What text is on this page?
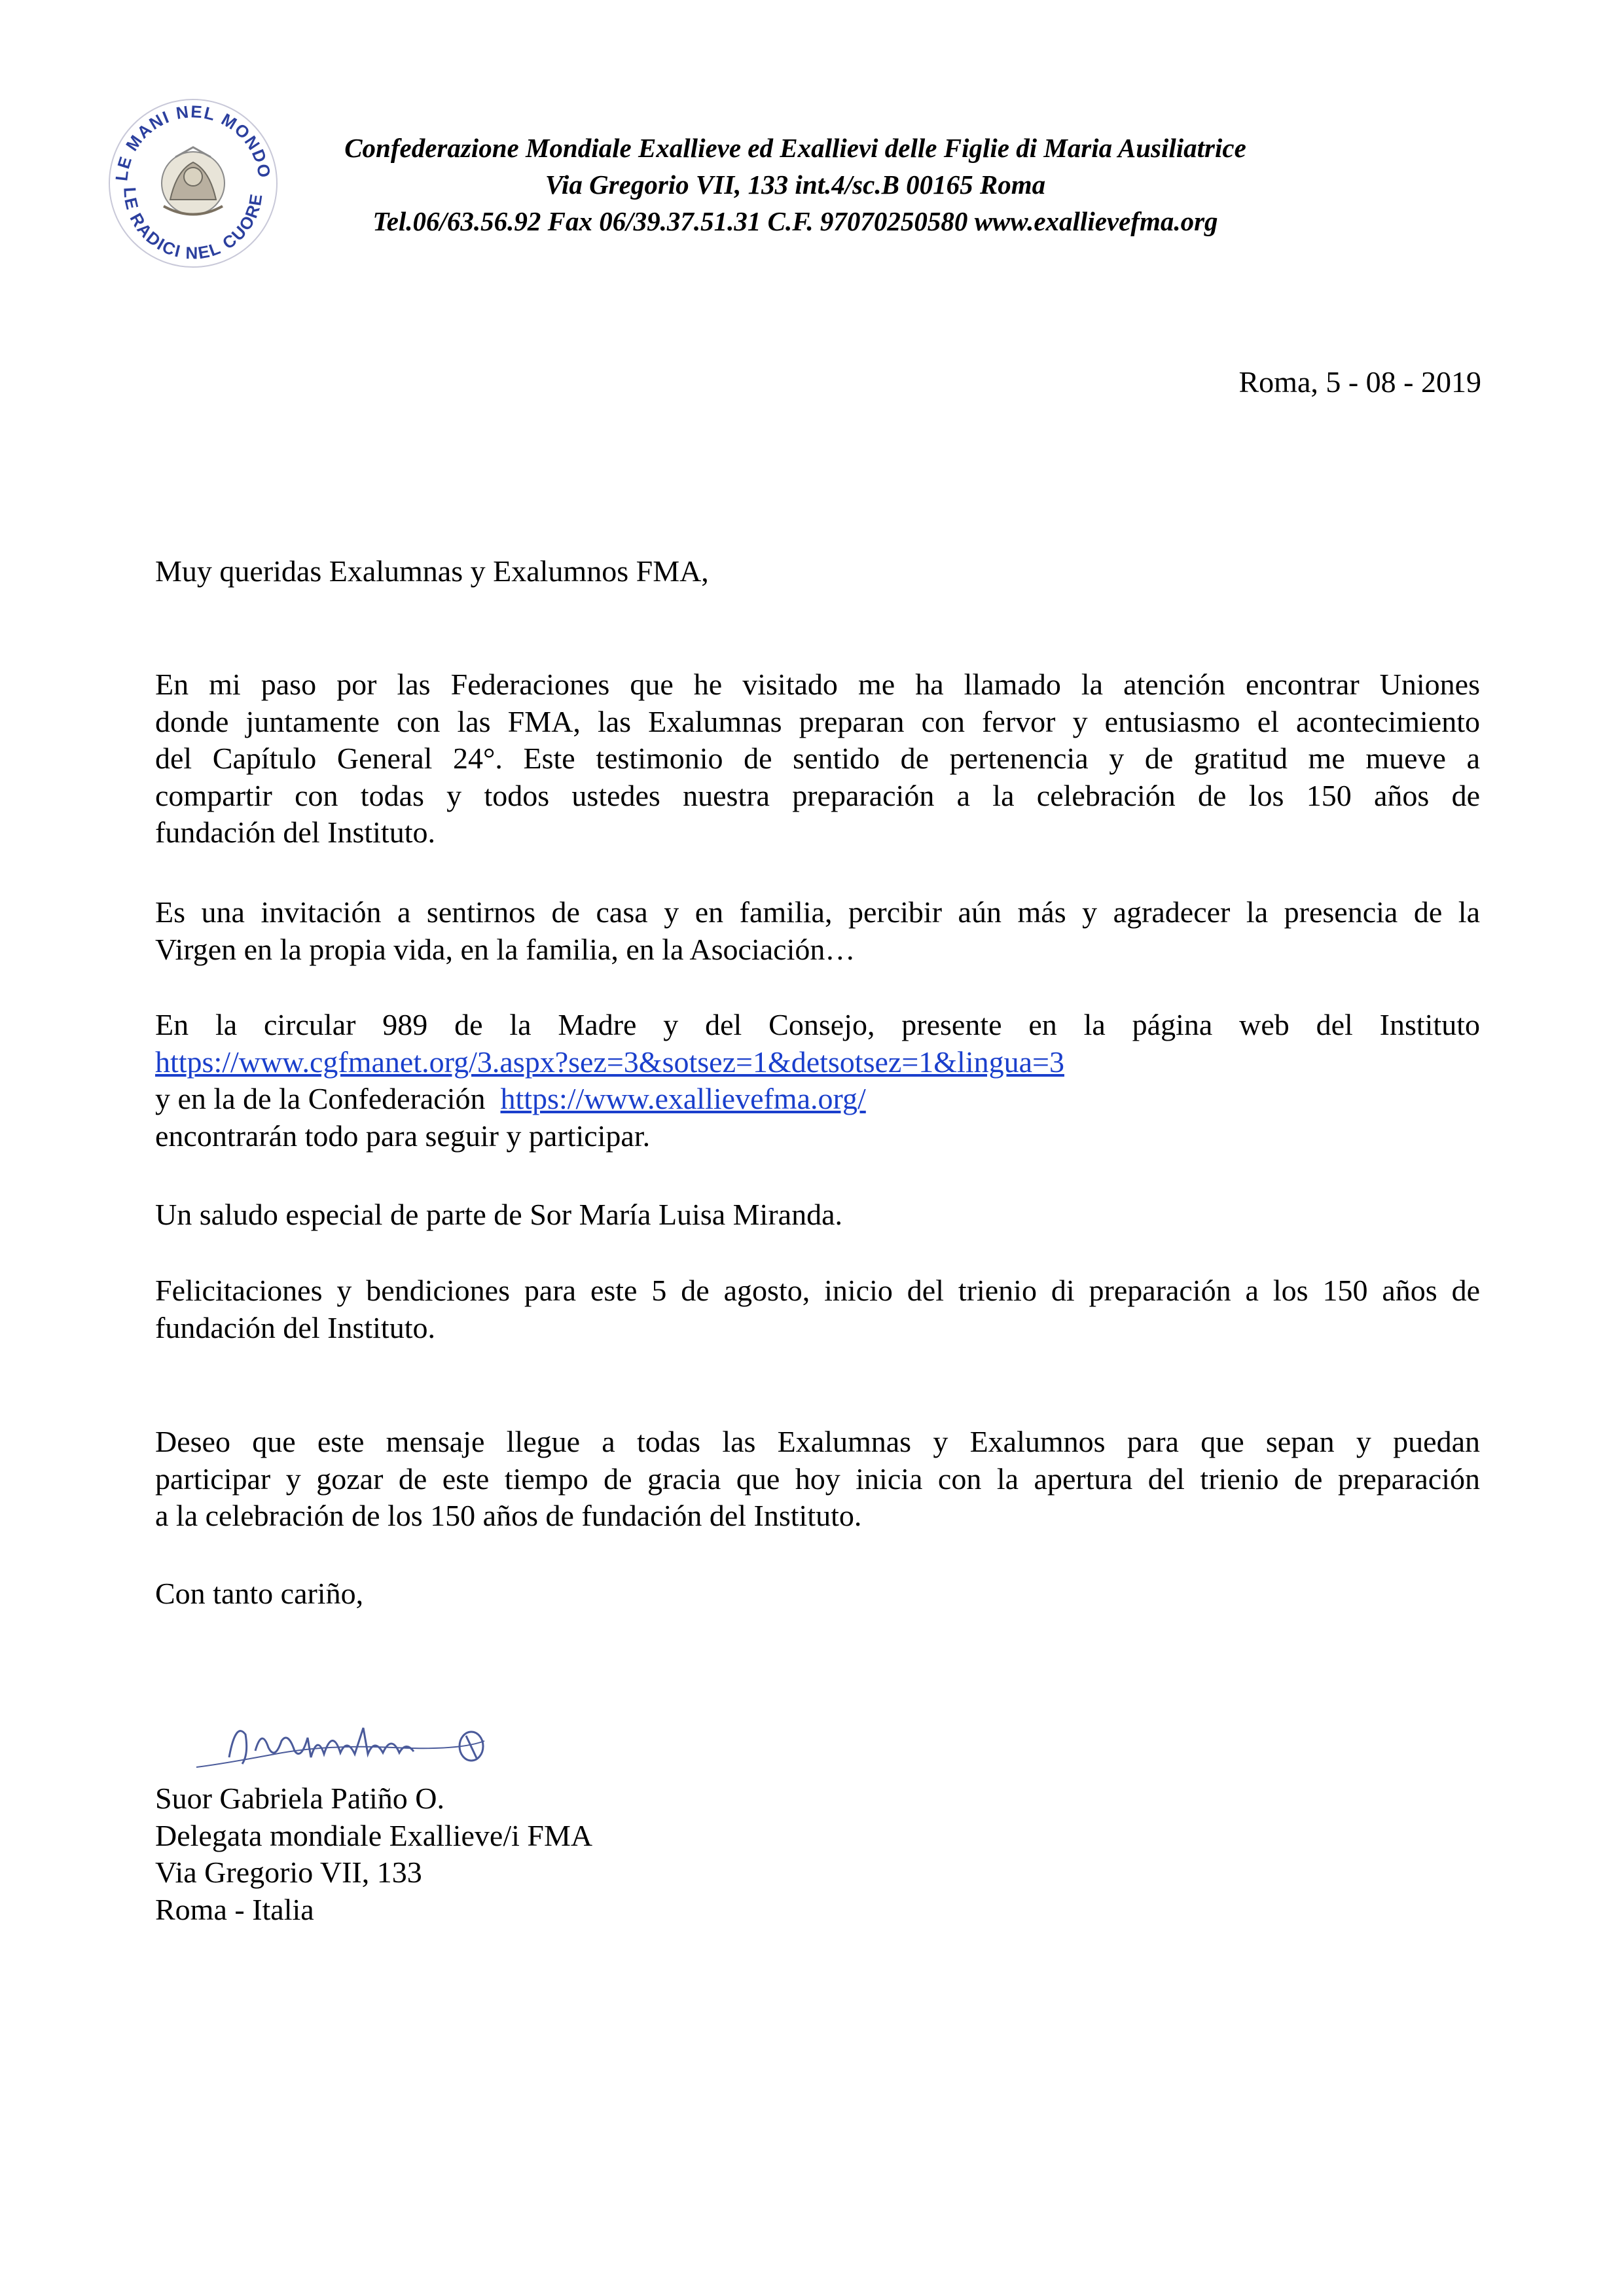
LE MANI NEL MONDO
LE RADICI NEL CUORE
Confederazione Mondiale Exallieve ed Exallievi delle Figlie di Maria Ausiliatrice
Via Gregorio VII, 133 int.4/sc.B 00165 Roma
Tel.06/63.56.92 Fax 06/39.37.51.31 C.F. 97070250580 www.exallievefma.org
Roma, 5 - 08 - 2019
Muy queridas Exalumnas y Exalumnos FMA,
En mi paso por las Federaciones que he visitado me ha llamado la atención encontrar Uniones
donde juntamente con las FMA, las Exalumnas preparan con fervor y entusiasmo el acontecimiento
del Capítulo General 24°. Este testimonio de sentido de pertenencia y de gratitud me mueve a
compartir con todas y todos ustedes nuestra preparación a la celebración de los 150 años de
fundación del Instituto.
Es una invitación a sentirnos de casa y en familia, percibir aún más y agradecer la presencia de la
Virgen en la propia vida, en la familia, en la Asociación…
En la circular 989 de la Madre y del Consejo, presente en la página web del Instituto
https://www.cgfmanet.org/3.aspx?sez=3&sotsez=1&detsotsez=1&lingua=3
y en la de la Confederación https://www.exallievefma.org/
encontrarán todo para seguir y participar.
Un saludo especial de parte de Sor María Luisa Miranda.
Felicitaciones y bendiciones para este 5 de agosto, inicio del trienio di preparación a los 150 años de
fundación del Instituto.
Deseo que este mensaje llegue a todas las Exalumnas y Exalumnos para que sepan y puedan
participar y gozar de este tiempo de gracia que hoy inicia con la apertura del trienio de preparación
a la celebración de los 150 años de fundación del Instituto.
Con tanto cariño,
Suor Gabriela Patiño O.
Delegata mondiale Exallieve/i FMA
Via Gregorio VII, 133
Roma - Italia
